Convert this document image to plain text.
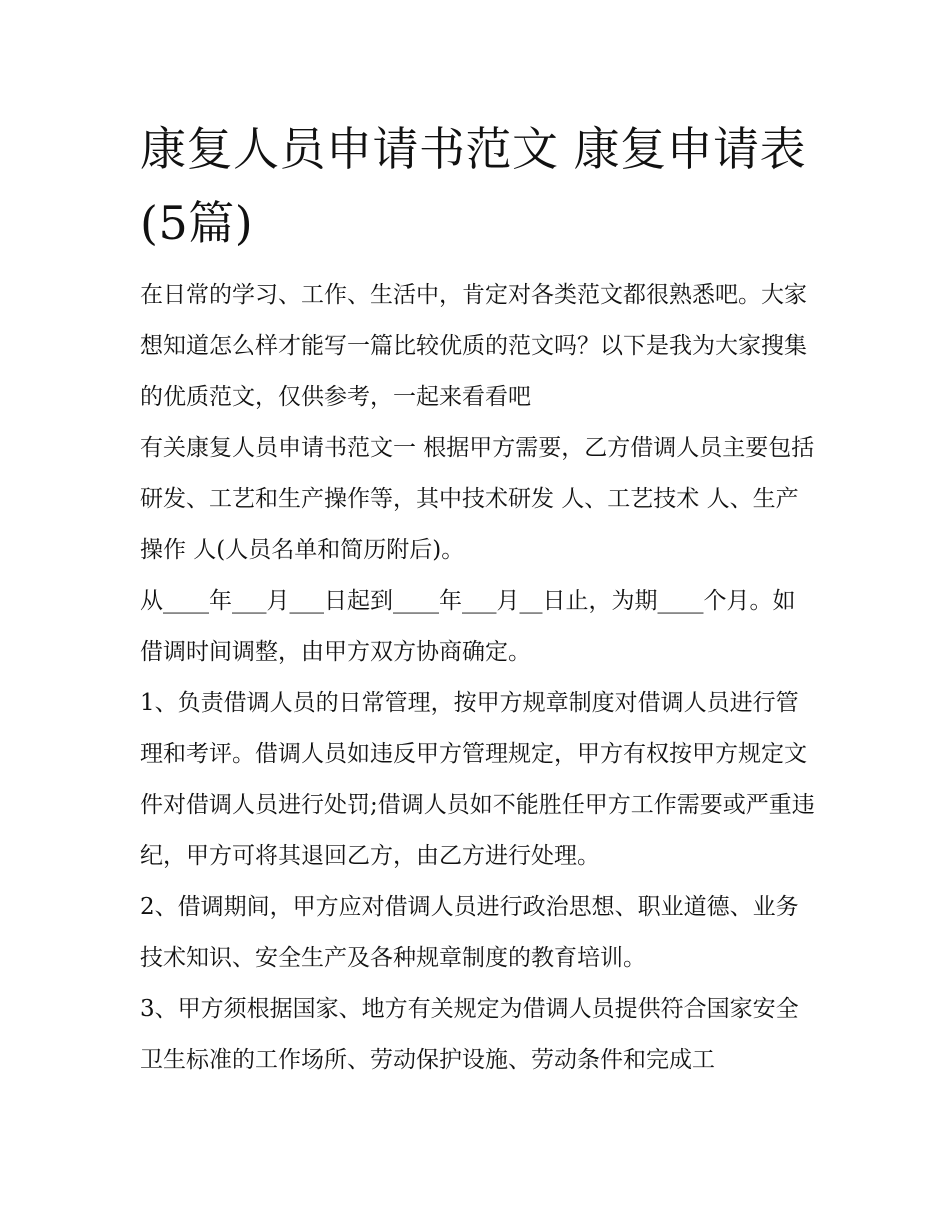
康复人员申请书范文 康复申请表(5篇)

在日常的学习、工作、生活中，肯定对各类范文都很熟悉吧。大家想知道怎么样才能写一篇比较优质的范文吗？以下是我为大家搜集的优质范文，仅供参考，一起来看看吧

有关康复人员申请书范文一 根据甲方需要，乙方借调人员主要包括研发、工艺和生产操作等，其中技术研发 人、工艺技术 人、生产操作 人(人员名单和简历附后)。

从____年___月___日起到____年___月__日止，为期____个月。如借调时间调整，由甲方双方协商确定。

1、负责借调人员的日常管理，按甲方规章制度对借调人员进行管理和考评。借调人员如违反甲方管理规定，甲方有权按甲方规定文件对借调人员进行处罚;借调人员如不能胜任甲方工作需要或严重违纪，甲方可将其退回乙方，由乙方进行处理。

2、借调期间，甲方应对借调人员进行政治思想、职业道德、业务技术知识、安全生产及各种规章制度的教育培训。

3、甲方须根据国家、地方有关规定为借调人员提供符合国家安全卫生标准的工作场所、劳动保护设施、劳动条件和完成工
